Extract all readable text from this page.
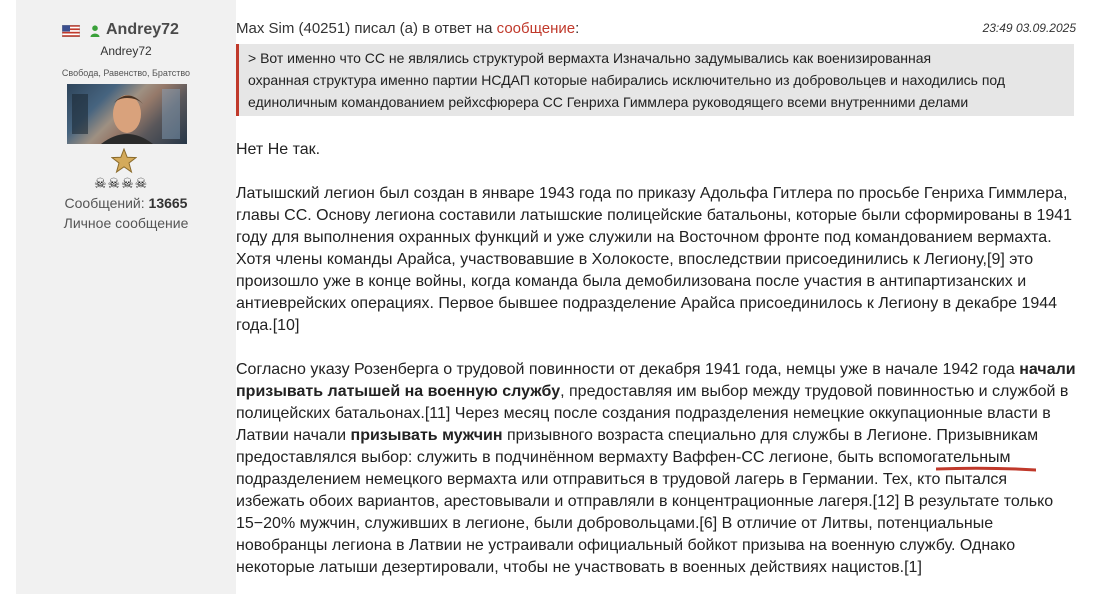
Andrey72
Andrey72
Свобода, Равенство, Братство
☠☠☠☠
Сообщений: 13665
Личное сообщение
Max Sim (40251) писал (а) в ответ на сообщение:	23:49 03.09.2025
> Вот именно что СС не являлись структурой вермахта Изначально задумывались как военизированная
охранная структура именно партии НСДАП которые набирались исключительно из добровольцев и находились под
единоличным командованием рейхсфюрера СС Генриха Гиммлера руководящего всеми внутренними делами

Нет Не так.

Латышский легион был создан в январе 1943 года по приказу Адольфа Гитлера по просьбе Генриха Гиммлера, главы СС. Основу легиона составили латышские полицейские батальоны, которые были сформированы в 1941 году для выполнения охранных функций и уже служили на Восточном фронте под командованием вермахта. Хотя члены команды Арайса, участвовавшие в Холокосте, впоследствии присоединились к Легиону,[9] это произошло уже в конце войны, когда команда была демобилизована после участия в антипартизанских и антиеврейских операциях. Первое бывшее подразделение Арайса присоединилось к Легиону в декабре 1944 года.[10]

Согласно указу Розенберга о трудовой повинности от декабря 1941 года, немцы уже в начале 1942 года начали призывать латышей на военную службу, предоставляя им выбор между трудовой повинностью и службой в полицейских батальонах.[11] Через месяц после создания подразделения немецкие оккупационные власти в Латвии начали призывать мужчин призывного возраста специально для службы в Легионе. Призывникам предоставлялся выбор: служить в подчинённом вермахту Ваффен-СС легионе
, быть вспомогательным подразделением немецкого вермахта или отправиться в трудовой лагерь в Германии. Тех, кто пытался избежать обоих вариантов, арестовывали и отправляли в концентрационные лагеря.[12] В результате только 15−20% мужчин, служивших в легионе, были добровольцами.[6] В отличие от Литвы, потенциальные новобранцы легиона в Латвии не устраивали официальный бойкот призыва на военную службу. Однако некоторые латыши дезертировали, чтобы не участвовать в военных действиях нацистов.[1]
